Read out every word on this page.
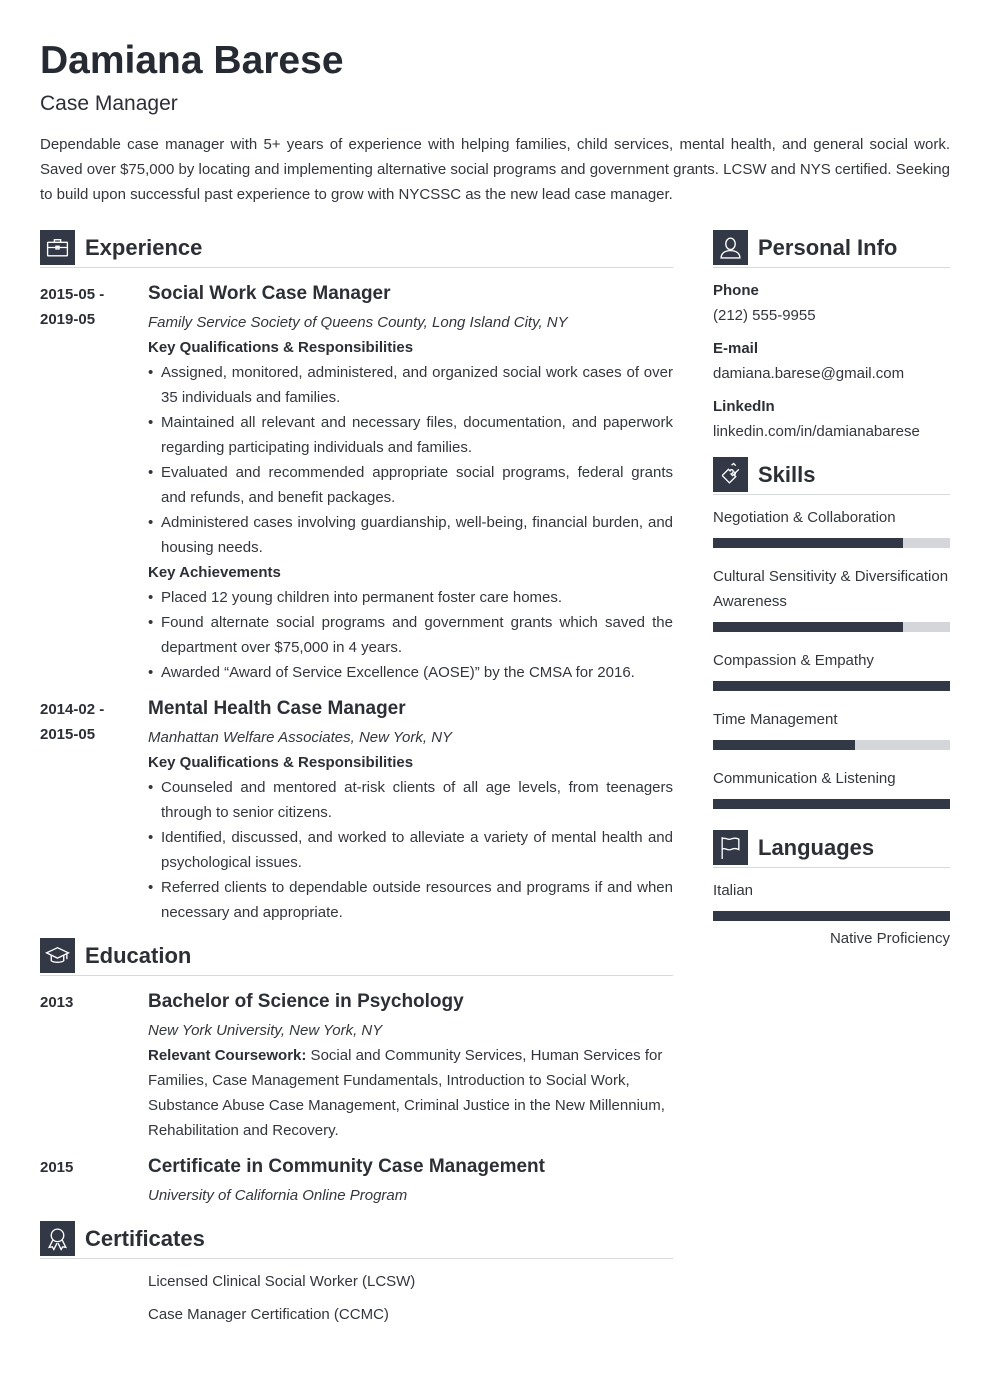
Damiana Barese
Case Manager
Dependable case manager with 5+ years of experience with helping families, child services, mental health, and general social work. Saved over $75,000 by locating and implementing alternative social programs and government grants. LCSW and NYS certified. Seeking to build upon successful past experience to grow with NYCSSC as the new lead case manager.
Experience
2015-05 -
2019-05
Social Work Case Manager
Family Service Society of Queens County, Long Island City, NY
Key Qualifications & Responsibilities
• Assigned, monitored, administered, and organized social work cases of over 35 individuals and families.
• Maintained all relevant and necessary files, documentation, and paperwork regarding participating individuals and families.
• Evaluated and recommended appropriate social programs, federal grants and refunds, and benefit packages.
• Administered cases involving guardianship, well-being, financial burden, and housing needs.
Key Achievements
• Placed 12 young children into permanent foster care homes.
• Found alternate social programs and government grants which saved the department over $75,000 in 4 years.
• Awarded “Award of Service Excellence (AOSE)” by the CMSA for 2016.
2014-02 -
2015-05
Mental Health Case Manager
Manhattan Welfare Associates, New York, NY
Key Qualifications & Responsibilities
• Counseled and mentored at-risk clients of all age levels, from teenagers through to senior citizens.
• Identified, discussed, and worked to alleviate a variety of mental health and psychological issues.
• Referred clients to dependable outside resources and programs if and when necessary and appropriate.
Education
2013	Bachelor of Science in Psychology
New York University, New York, NY
Relevant Coursework: Social and Community Services, Human Services for Families, Case Management Fundamentals, Introduction to Social Work, Substance Abuse Case Management, Criminal Justice in the New Millennium, Rehabilitation and Recovery.
2015	Certificate in Community Case Management
University of California Online Program
Certificates
Licensed Clinical Social Worker (LCSW)
Case Manager Certification (CCMC)
Personal Info
Phone
(212) 555-9955
E-mail
damiana.barese@gmail.com
LinkedIn
linkedin.com/in/damianabarese
Skills
Negotiation & Collaboration
Cultural Sensitivity & Diversification Awareness
Compassion & Empathy
Time Management
Communication & Listening
Languages
Italian
Native Proficiency
